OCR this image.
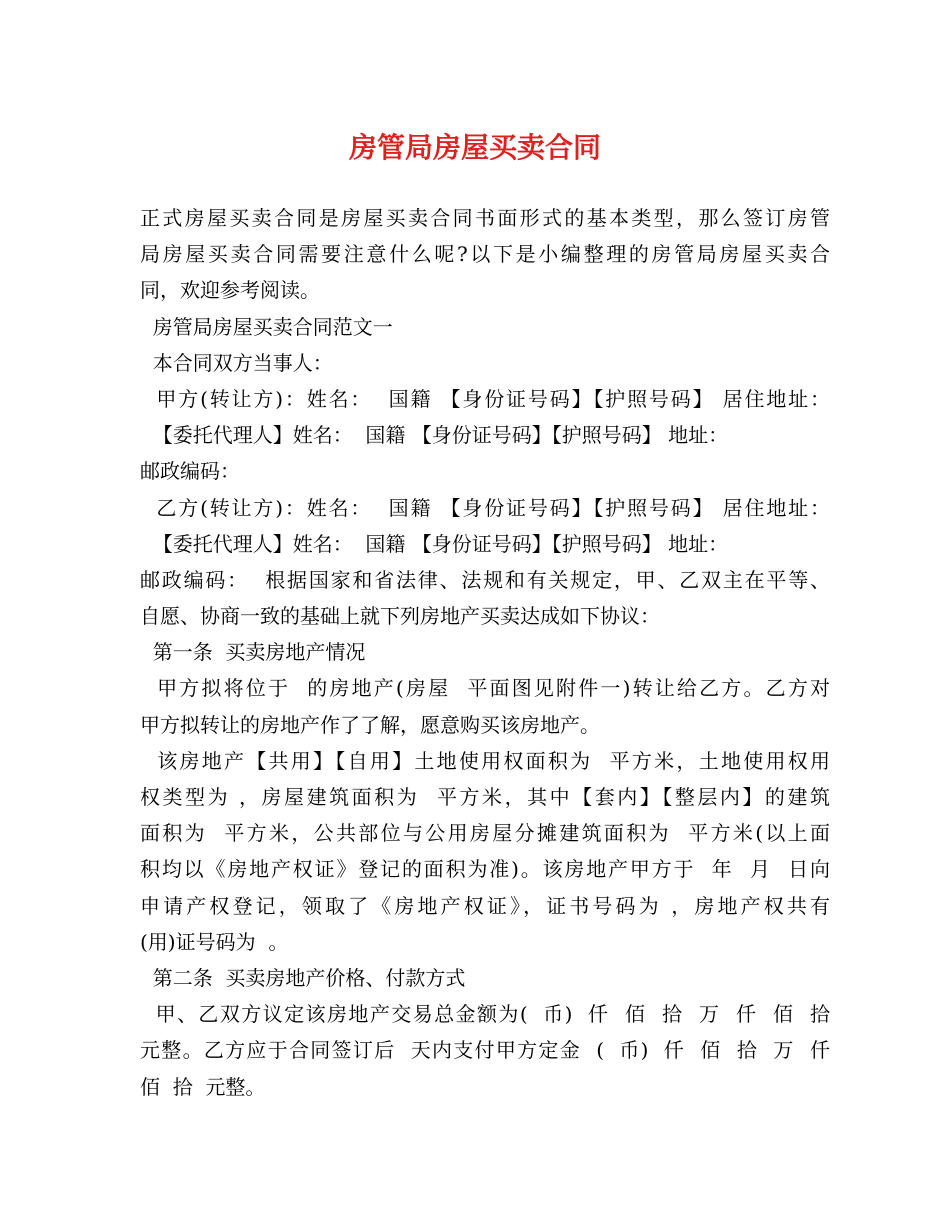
房管局房屋买卖合同
正式房屋买卖合同是房屋买卖合同书面形式的基本类型，那么签订房管
局房屋买卖合同需要注意什么呢?以下是小编整理的房管局房屋买卖合
同，欢迎参考阅读。
房管局房屋买卖合同范文一
本合同双方当事人：
甲方(转让方)：姓名：  国籍 【身份证号码】【护照号码】 居住地址：
【委托代理人】姓名：  国籍 【身份证号码】【护照号码】 地址：
邮政编码：
乙方(转让方)：姓名：  国籍 【身份证号码】【护照号码】 居住地址：
【委托代理人】姓名：  国籍 【身份证号码】【护照号码】 地址：
邮政编码：  根据国家和省法律、法规和有关规定，甲、乙双主在平等、
自愿、协商一致的基础上就下列房地产买卖达成如下协议：
第一条  买卖房地产情况
甲方拟将位于  的房地产(房屋  平面图见附件一)转让给乙方。乙方对
甲方拟转让的房地产作了了解，愿意购买该房地产。
该房地产【共用】【自用】土地使用权面积为  平方米，土地使用权用
权类型为 ，房屋建筑面积为  平方米，其中【套内】【整层内】的建筑
面积为  平方米，公共部位与公用房屋分摊建筑面积为  平方米(以上面
积均以《房地产权证》登记的面积为准)。该房地产甲方于  年  月  日向
申请产权登记，领取了《房地产权证》，证书号码为 ，房地产权共有
(用)证号码为  。
第二条  买卖房地产价格、付款方式
甲、乙双方议定该房地产交易总金额为(  币)  仟  佰  拾  万  仟  佰  拾
元整。乙方应于合同签订后  天内支付甲方定金  (  币)  仟  佰  拾  万  仟
佰  拾  元整。
